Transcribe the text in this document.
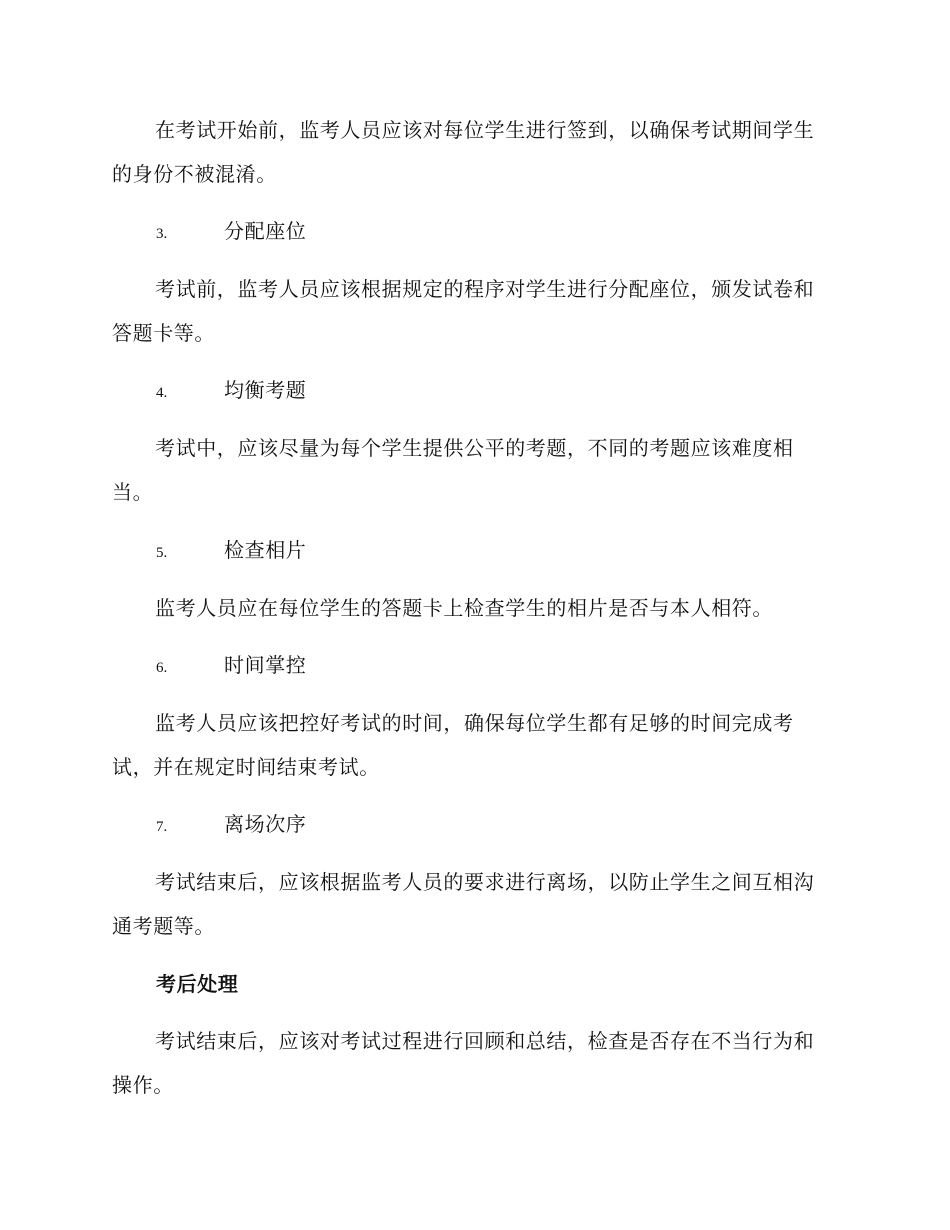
在考试开始前，监考人员应该对每位学生进行签到，以确保考试期间学生的身份不被混淆。

3.	分配座位

考试前，监考人员应该根据规定的程序对学生进行分配座位，颁发试卷和答题卡等。

4.	均衡考题

考试中，应该尽量为每个学生提供公平的考题，不同的考题应该难度相当。

5.	检查相片

监考人员应在每位学生的答题卡上检查学生的相片是否与本人相符。

6.	时间掌控

监考人员应该把控好考试的时间，确保每位学生都有足够的时间完成考试，并在规定时间结束考试。

7.	离场次序

考试结束后，应该根据监考人员的要求进行离场，以防止学生之间互相沟通考题等。

考后处理

考试结束后，应该对考试过程进行回顾和总结，检查是否存在不当行为和操作。
